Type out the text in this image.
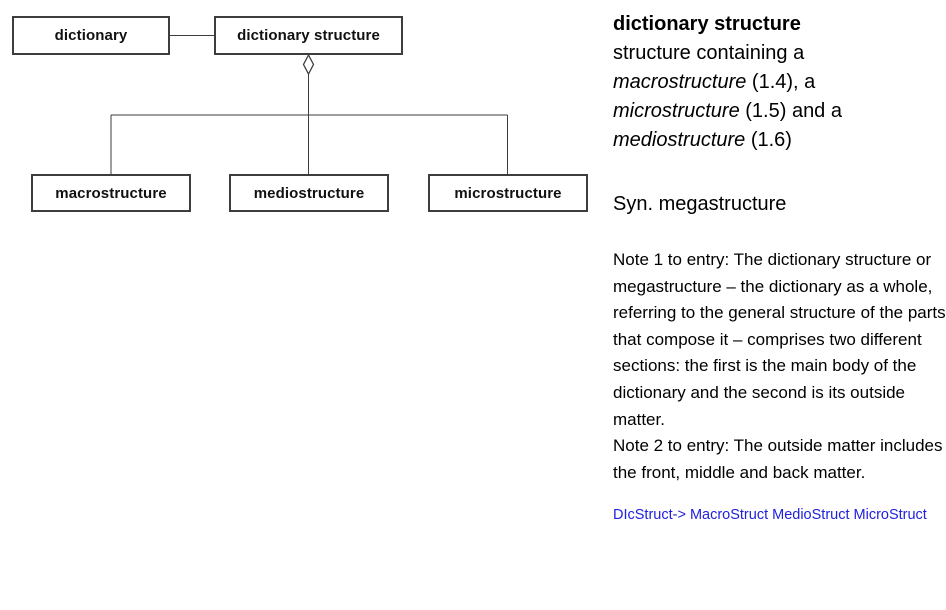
dictionary	dictionary structure
macrostructure	mediostructure	microstructure
dictionary structure
structure containing a
macrostructure (1.4), a
microstructure (1.5) and a
mediostructure (1.6)
Syn. megastructure

Note 1 to entry: The dictionary structure or megastructure – the dictionary as a whole, referring to the general structure of the parts that compose it – comprises two different sections: the first is the main body of the dictionary and the second is its outside matter.

Note 2 to entry: The outside matter includes the front, middle and back matter.

DIcStruct-> MacroStruct MedioStruct MicroStruct
